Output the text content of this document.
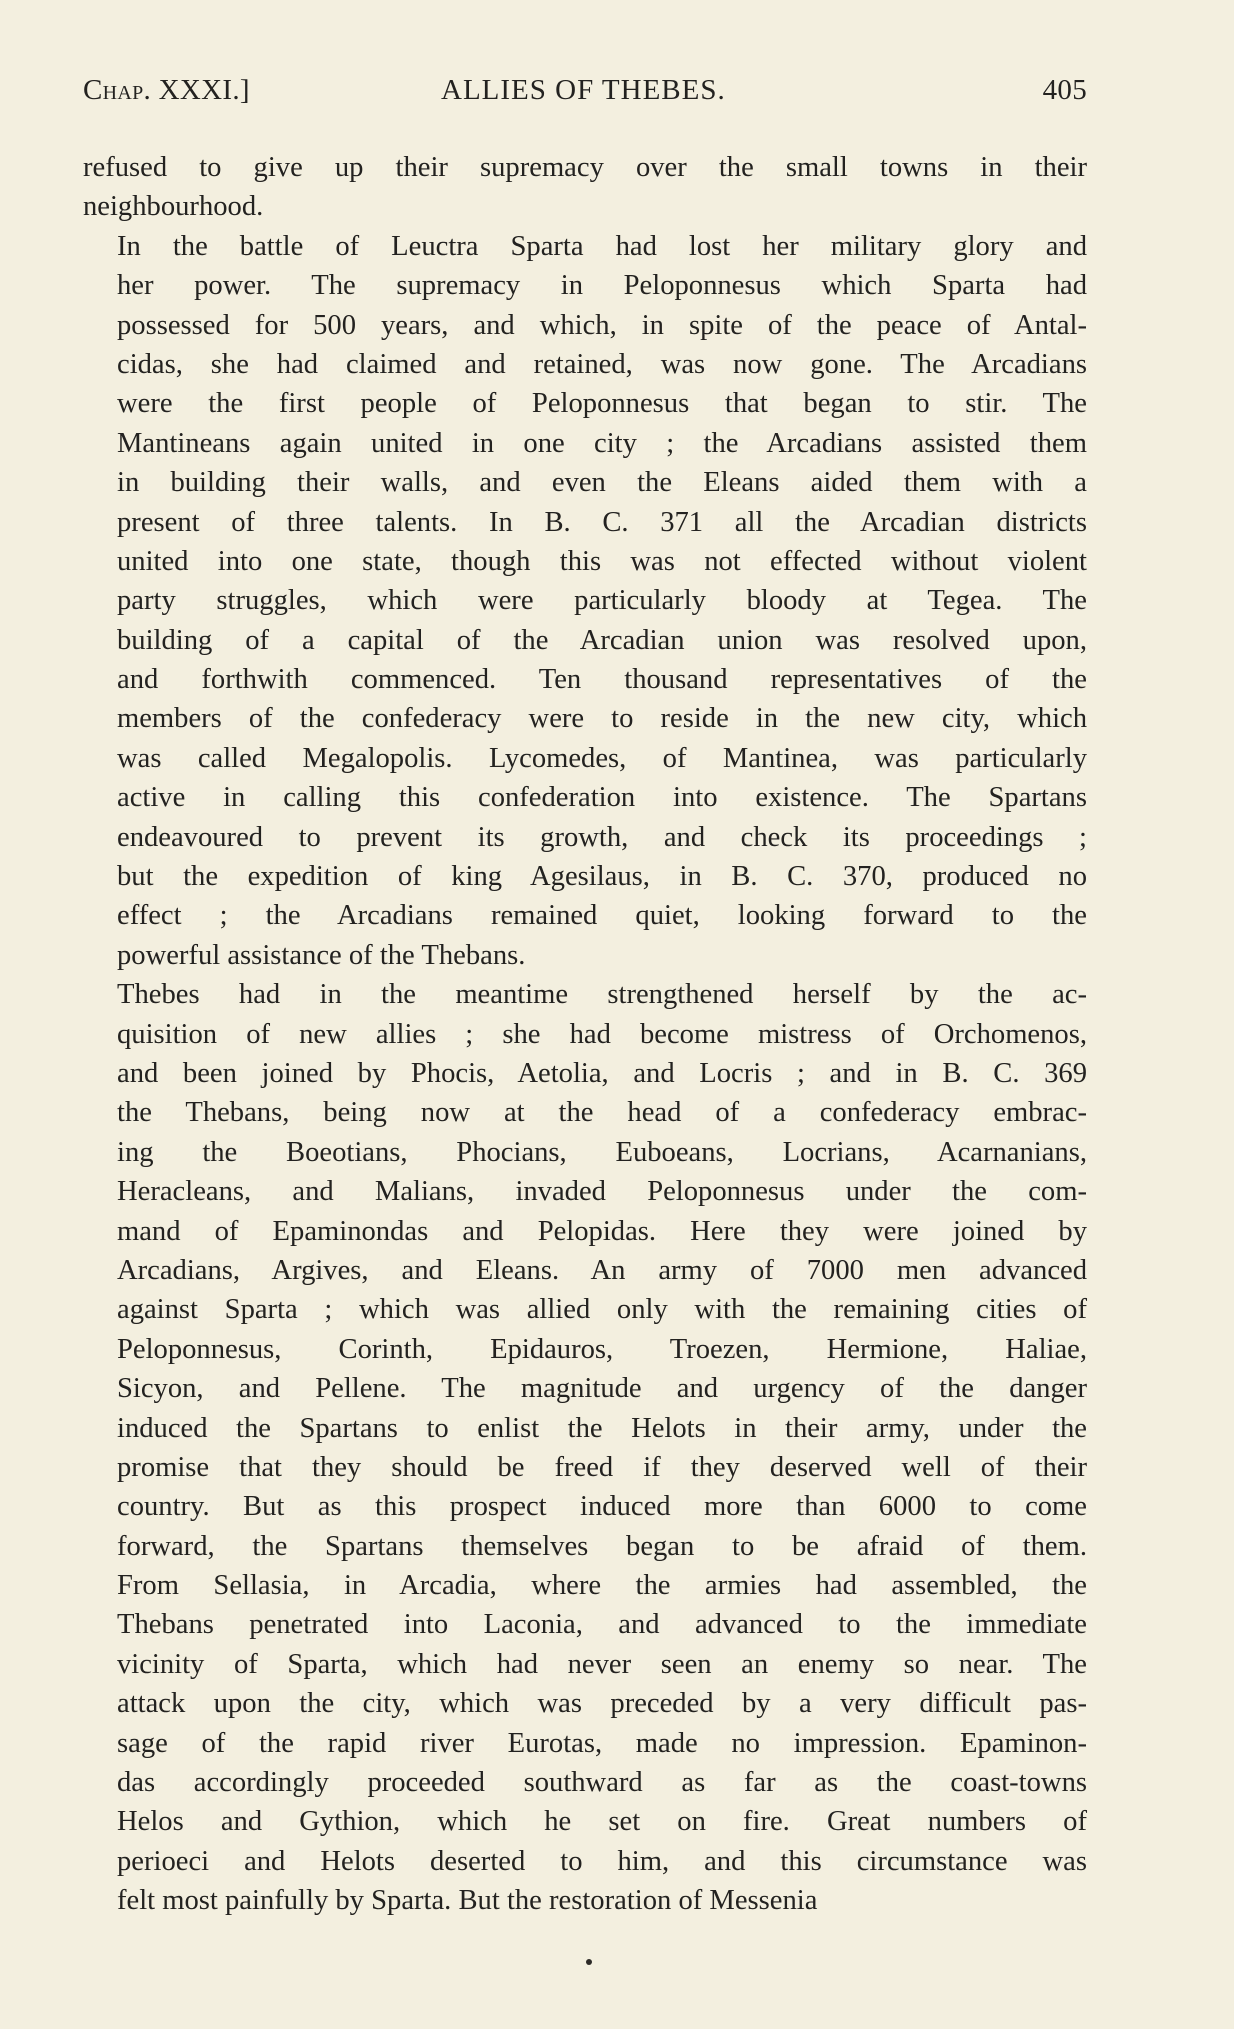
Chap. XXXI.]	ALLIES OF THEBES.	405

refused to give up their supremacy over the small towns in their
neighbourhood.

In the battle of Leuctra Sparta had lost her military glory and
her power. The supremacy in Peloponnesus which Sparta had
possessed for 500 years, and which, in spite of the peace of Antal-
cidas, she had claimed and retained, was now gone. The Arcadians
were the first people of Peloponnesus that began to stir. The
Mantineans again united in one city ; the Arcadians assisted them
in building their walls, and even the Eleans aided them with a
present of three talents. In B. C. 371 all the Arcadian districts
united into one state, though this was not effected without violent
party struggles, which were particularly bloody at Tegea. The
building of a capital of the Arcadian union was resolved upon,
and forthwith commenced. Ten thousand representatives of the
members of the confederacy were to reside in the new city, which
was called Megalopolis. Lycomedes, of Mantinea, was particularly
active in calling this confederation into existence. The Spartans
endeavoured to prevent its growth, and check its proceedings ;
but the expedition of king Agesilaus, in B. C. 370, produced no
effect ; the Arcadians remained quiet, looking forward to the
powerful assistance of the Thebans.

Thebes had in the meantime strengthened herself by the ac-
quisition of new allies ; she had become mistress of Orchomenos,
and been joined by Phocis, Aetolia, and Locris ; and in B. C. 369
the Thebans, being now at the head of a confederacy embrac-
ing the Boeotians, Phocians, Euboeans, Locrians, Acarnanians,
Heracleans, and Malians, invaded Peloponnesus under the com-
mand of Epaminondas and Pelopidas. Here they were joined by
Arcadians, Argives, and Eleans. An army of 7000 men advanced
against Sparta ; which was allied only with the remaining cities of
Peloponnesus, Corinth, Epidauros, Troezen, Hermione, Haliae,
Sicyon, and Pellene. The magnitude and urgency of the danger
induced the Spartans to enlist the Helots in their army, under the
promise that they should be freed if they deserved well of their
country. But as this prospect induced more than 6000 to come
forward, the Spartans themselves began to be afraid of them.
From Sellasia, in Arcadia, where the armies had assembled, the
Thebans penetrated into Laconia, and advanced to the immediate
vicinity of Sparta, which had never seen an enemy so near. The
attack upon the city, which was preceded by a very difficult pas-
sage of the rapid river Eurotas, made no impression. Epaminon-
das accordingly proceeded southward as far as the coast-towns
Helos and Gythion, which he set on fire. Great numbers of
perioeci and Helots deserted to him, and this circumstance was
felt most painfully by Sparta. But the restoration of Messenia
